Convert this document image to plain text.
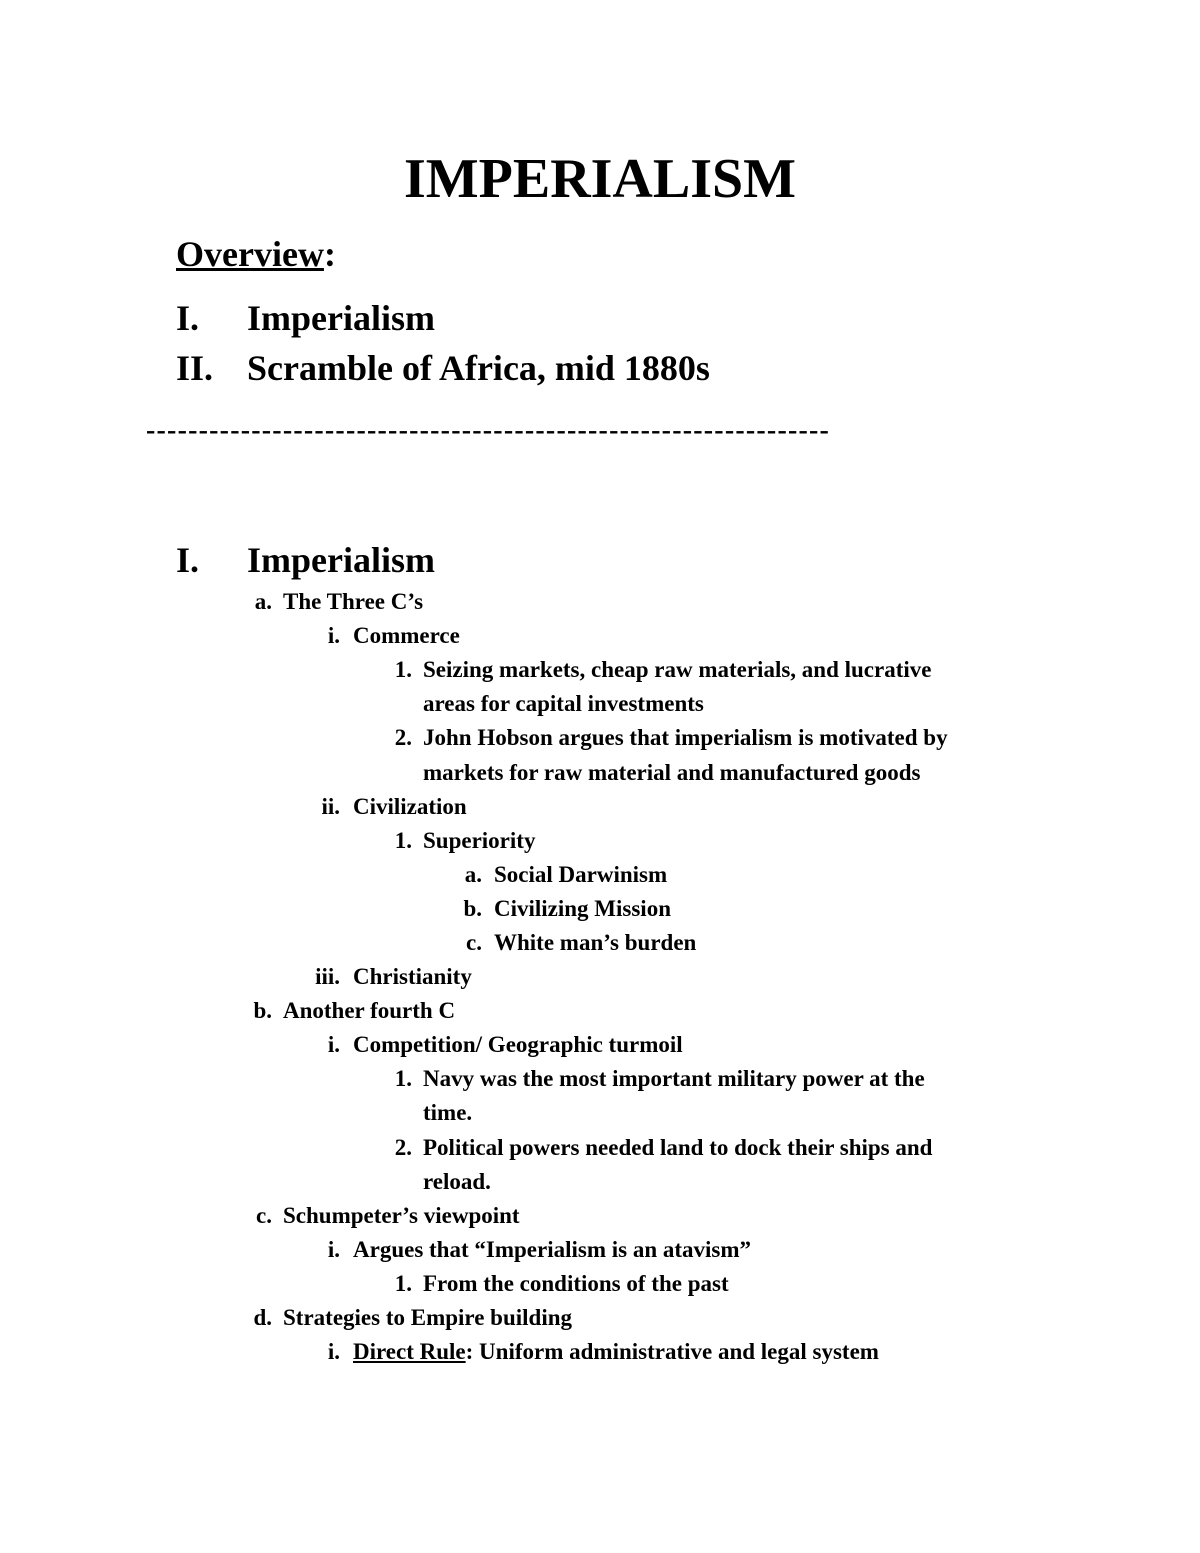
IMPERIALISM
Overview:
I. Imperialism
II. Scramble of Africa, mid 1880s
-----------------------------------------------------------------
I. Imperialism
a. The Three C’s
i. Commerce
1. Seizing markets, cheap raw materials, and lucrative
areas for capital investments
2. John Hobson argues that imperialism is motivated by
markets for raw material and manufactured goods
ii. Civilization
1. Superiority
a. Social Darwinism
b. Civilizing Mission
c. White man’s burden
iii. Christianity
b. Another fourth C
i. Competition/ Geographic turmoil
1. Navy was the most important military power at the
time.
2. Political powers needed land to dock their ships and
reload.
c. Schumpeter’s viewpoint
i. Argues that “Imperialism is an atavism”
1. From the conditions of the past
d. Strategies to Empire building
i. Direct Rule: Uniform administrative and legal system
